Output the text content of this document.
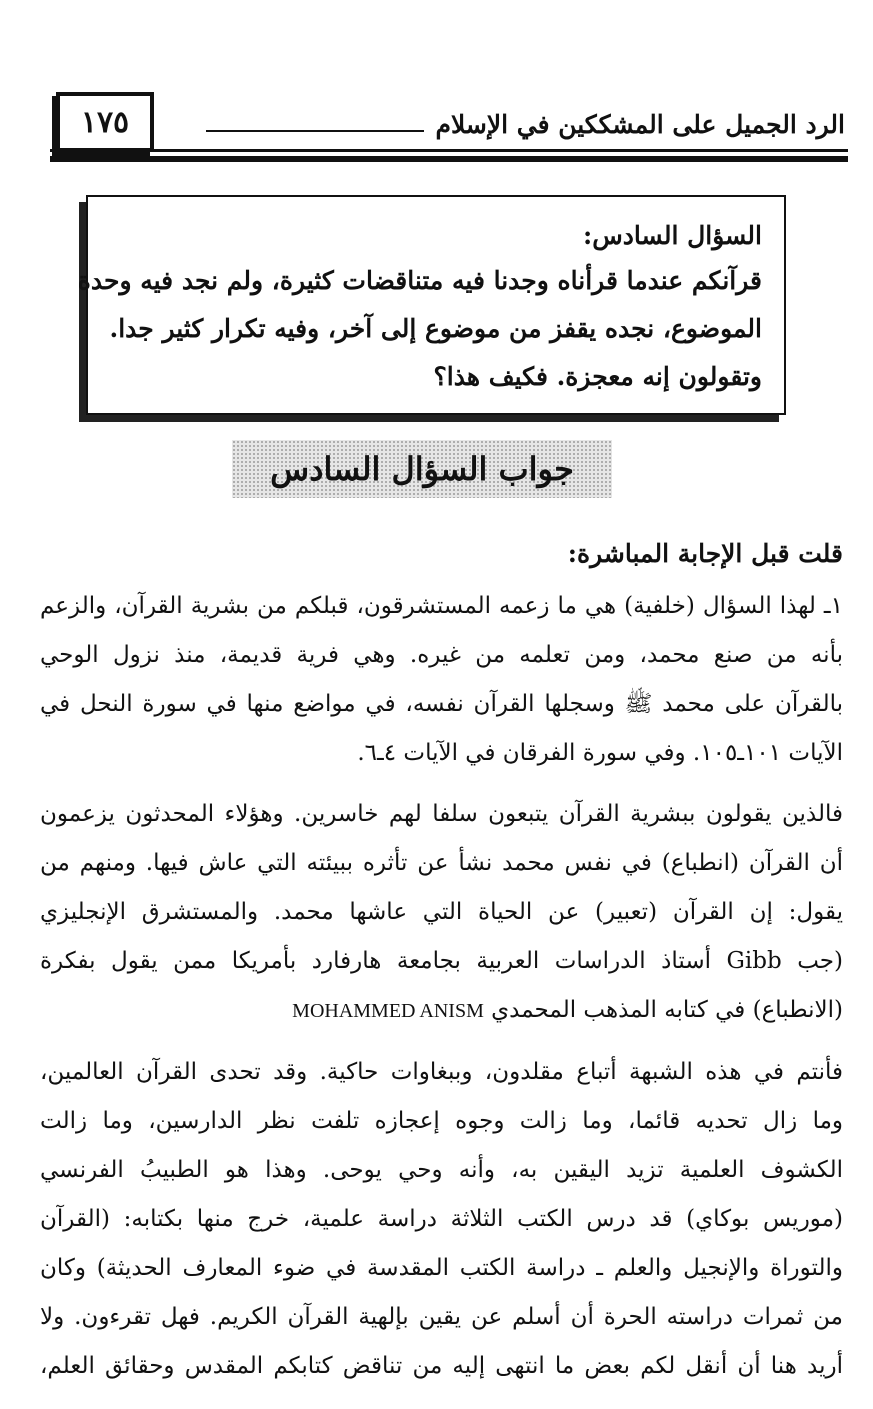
الرد الجميل على المشككين في الإسلام
١٧٥
السؤال السادس:
قرآنكم عندما قرأناه وجدنا فيه متناقضات كثيرة، ولم نجد فيه وحدة
الموضوع، نجده يقفز من موضوع إلى آخر، وفيه تكرار كثير جدا.
وتقولون إنه معجزة. فكيف هذا؟
جواب السؤال السادس
قلت قبل الإجابة المباشرة:
١ـ لهذا السؤال (خلفية) هي ما زعمه المستشرقون، قبلكم من بشرية القرآن، والزعم
بأنه من صنع محمد، ومن تعلمه من غيره. وهي فرية قديمة، منذ نزول الوحي
بالقرآن على محمد ﷺ وسجلها القرآن نفسه، في مواضع منها في سورة النحل في
الآيات ١٠١ـ١٠٥. وفي سورة الفرقان في الآيات ٤ـ٦.
فالذين يقولون ببشرية القرآن يتبعون سلفا لهم خاسرين. وهؤلاء المحدثون يزعمون
أن القرآن (انطباع) في نفس محمد نشأ عن تأثره ببيئته التي عاش فيها. ومنهم من
يقول: إن القرآن (تعبير) عن الحياة التي عاشها محمد. والمستشرق الإنجليزي
(جب Gibb أستاذ الدراسات العربية بجامعة هارفارد بأمريكا ممن يقول بفكرة
(الانطباع) في كتابه المذهب المحمدي MOHAMMED ANISM
فأنتم في هذه الشبهة أتباع مقلدون، وببغاوات حاكية. وقد تحدى القرآن العالمين،
وما زال تحديه قائما، وما زالت وجوه إعجازه تلفت نظر الدارسين، وما زالت
الكشوف العلمية تزيد اليقين به، وأنه وحي يوحى. وهذا هو الطبيبُ الفرنسي
(موريس بوكاي) قد درس الكتب الثلاثة دراسة علمية، خرج منها بكتابه: (القرآن
والتوراة والإنجيل والعلم ـ دراسة الكتب المقدسة في ضوء المعارف الحديثة) وكان
من ثمرات دراسته الحرة أن أسلم عن يقين بإلهية القرآن الكريم. فهل تقرءون. ولا
أريد هنا أن أنقل لكم بعض ما انتهى إليه من تناقض كتابكم المقدس وحقائق العلم،
